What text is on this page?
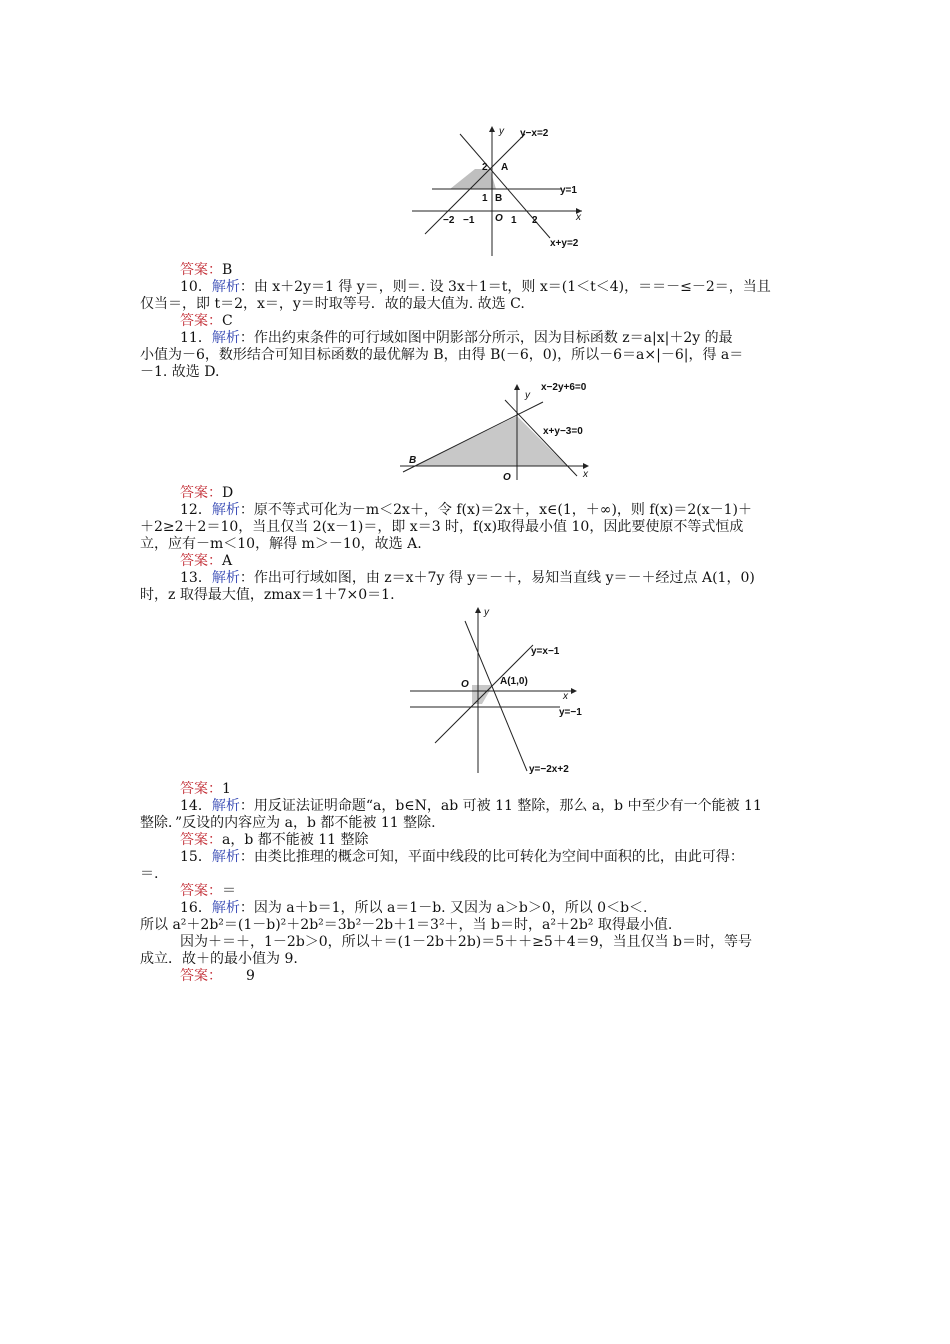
y−x=2
y=1
x+y=2
y
x
A
B
O
2
1
−2 −1	1 2
答案：B
10．解析：由 x＋2y＝1 得 y＝，则＝. 设 3x＋1＝t，则 x＝(1＜t＜4)，＝＝－≤－2＝，当且
仅当＝，即 t＝2，x＝，y＝时取等号．故的最大值为. 故选 C.
答案：C
11．解析：作出约束条件的可行域如图中阴影部分所示，因为目标函数 z＝a|x|＋2y 的最
小值为－6，数形结合可知目标函数的最优解为 B，由得 B(－6，0)，所以－6＝a×|－6|，得 a＝
－1. 故选 D.
x−2y+6=0
x+y−3=0
B
O
y
x
答案：D
12．解析：原不等式可化为－m＜2x＋，令 f(x)＝2x＋，x∈(1，＋∞)，则 f(x)＝2(x－1)＋
＋2≥2＋2＝10，当且仅当 2(x－1)＝，即 x＝3 时，f(x)取得最小值 10，因此要使原不等式恒成
立，应有－m＜10，解得 m＞－10，故选 A.
答案：A
13．解析：作出可行域如图，由 z＝x＋7y 得 y＝－＋，易知当直线 y＝－＋经过点 A(1，0)
时，z 取得最大值，zmax＝1＋7×0＝1.
y
x
O	A(1,0)
y=x−1
y=−1
y=−2x+2
答案：1
14．解析：用反证法证明命题“a，b∈N，ab 可被 11 整除，那么 a，b 中至少有一个能被 11
整除．”反设的内容应为 a，b 都不能被 11 整除.
答案：a，b 都不能被 11 整除
15．解析：由类比推理的概念可知，平面中线段的比可转化为空间中面积的比，由此可得：
＝.
答案：＝
16．解析：因为 a＋b＝1，所以 a＝1－b. 又因为 a＞b＞0，所以 0＜b＜.
所以 a²＋2b²＝(1－b)²＋2b²＝3b²－2b＋1＝3²＋，当 b＝时，a²＋2b² 取得最小值.
因为＋＝＋，1－2b＞0，所以＋＝(1－2b＋2b)＝5＋＋≥5＋4＝9，当且仅当 b＝时，等号
成立．故＋的最小值为 9.
答案： 9
